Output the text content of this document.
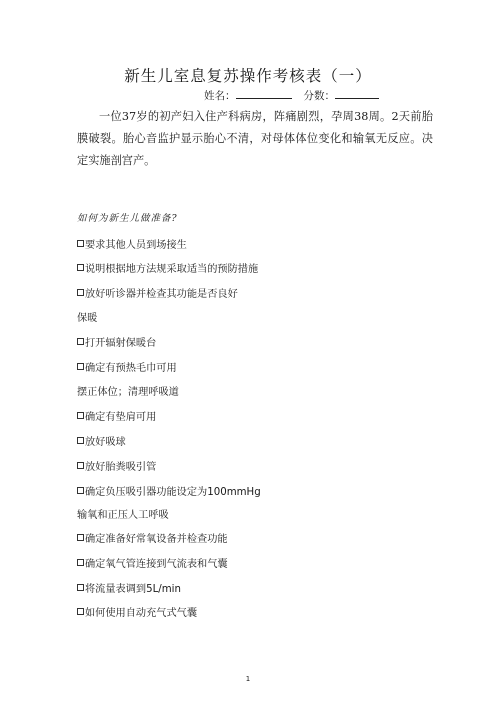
新生儿室息复苏操作考核表（一）
姓名：	分数：
一位37岁的初产妇入住产科病房，阵痛剧烈，孕周38周。2天前胎膜破裂。胎心音监护显示胎心不清，对母体体位变化和输氧无反应。决定实施剖宫产。
如何为新生儿做准备?
要求其他人员到场接生
说明根据地方法规采取适当的预防措施
放好听诊器并检查其功能是否良好
保暖
打开辐射保暖台
确定有预热毛巾可用
摆正体位；清理呼吸道
确定有垫肩可用
放好吸球
放好胎粪吸引管
确定负压吸引器功能设定为100mmHg
输氧和正压人工呼吸
确定准备好常氧设备并检查功能
确定氧气管连接到气流表和气囊
将流量表调到5L/min
如何使用自动充气式气囊
1
